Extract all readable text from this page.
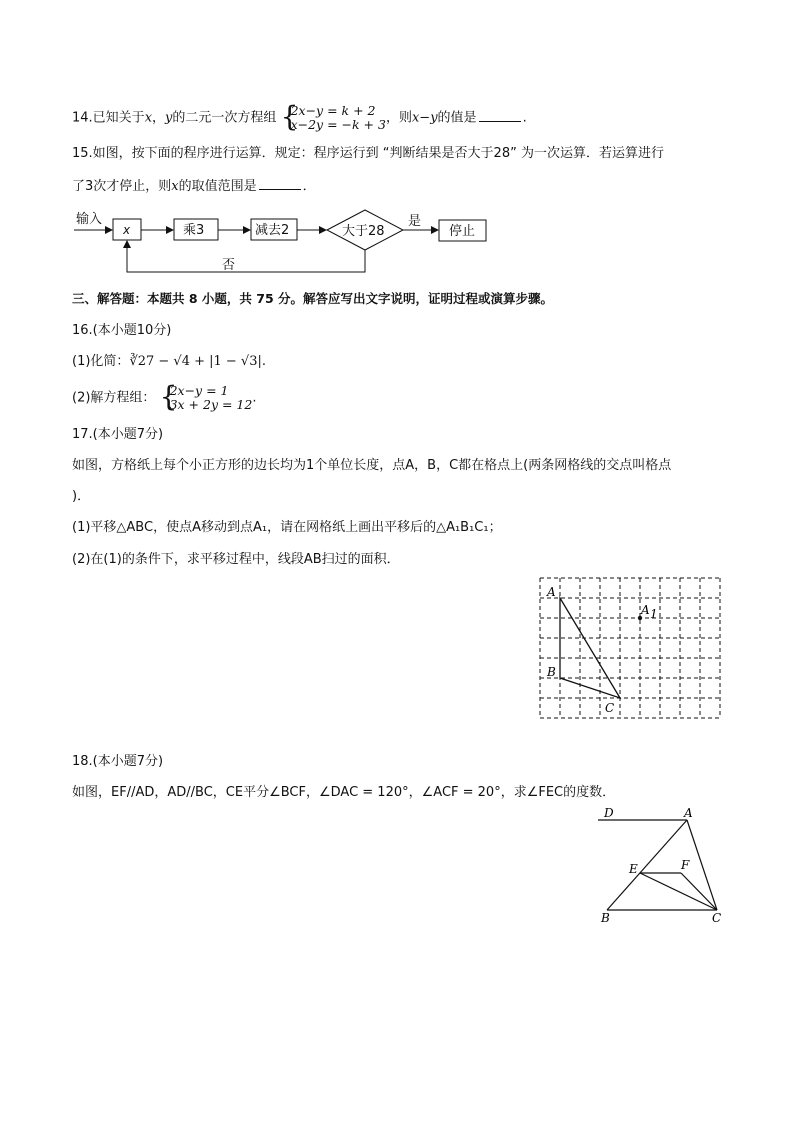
14.已知关于x，y的二元一次方程组 {
2x−y = k + 2
x−2y = −k + 3 ，则x−y的值是	.
15.如图，按下面的程序进行运算．规定：程序运行到 “判断结果是否大于28” 为一次运算．若运算进行
了3次才停止，则x的取值范围是	．
输入
x	乘3	减去2	大于28
是
停止
否
三、解答题：本题共 8 小题，共 75 分。解答应写出文字说明，证明过程或演算步骤。
16.(本小题10分)
(1)化简：∛27 − √4 + |1 − √3|.
(2)解方程组： {
2x−y = 1
3x + 2y = 12 .
17.(本小题7分)
如图，方格纸上每个小正方形的边长均为1个单位长度，点A，B，C都在格点上(两条网格线的交点叫格点
)．
(1)平移△ABC，使点A移动到点A₁，请在网格纸上画出平移后的△A₁B₁C₁；
(2)在(1)的条件下，求平移过程中，线段AB扫过的面积．
A
B
C
A 1
18.(本小题7分)
如图，EF//AD，AD//BC，CE平分∠BCF，∠DAC = 120°，∠ACF = 20°，求∠FEC的度数．
D	A
E	F
B	C
